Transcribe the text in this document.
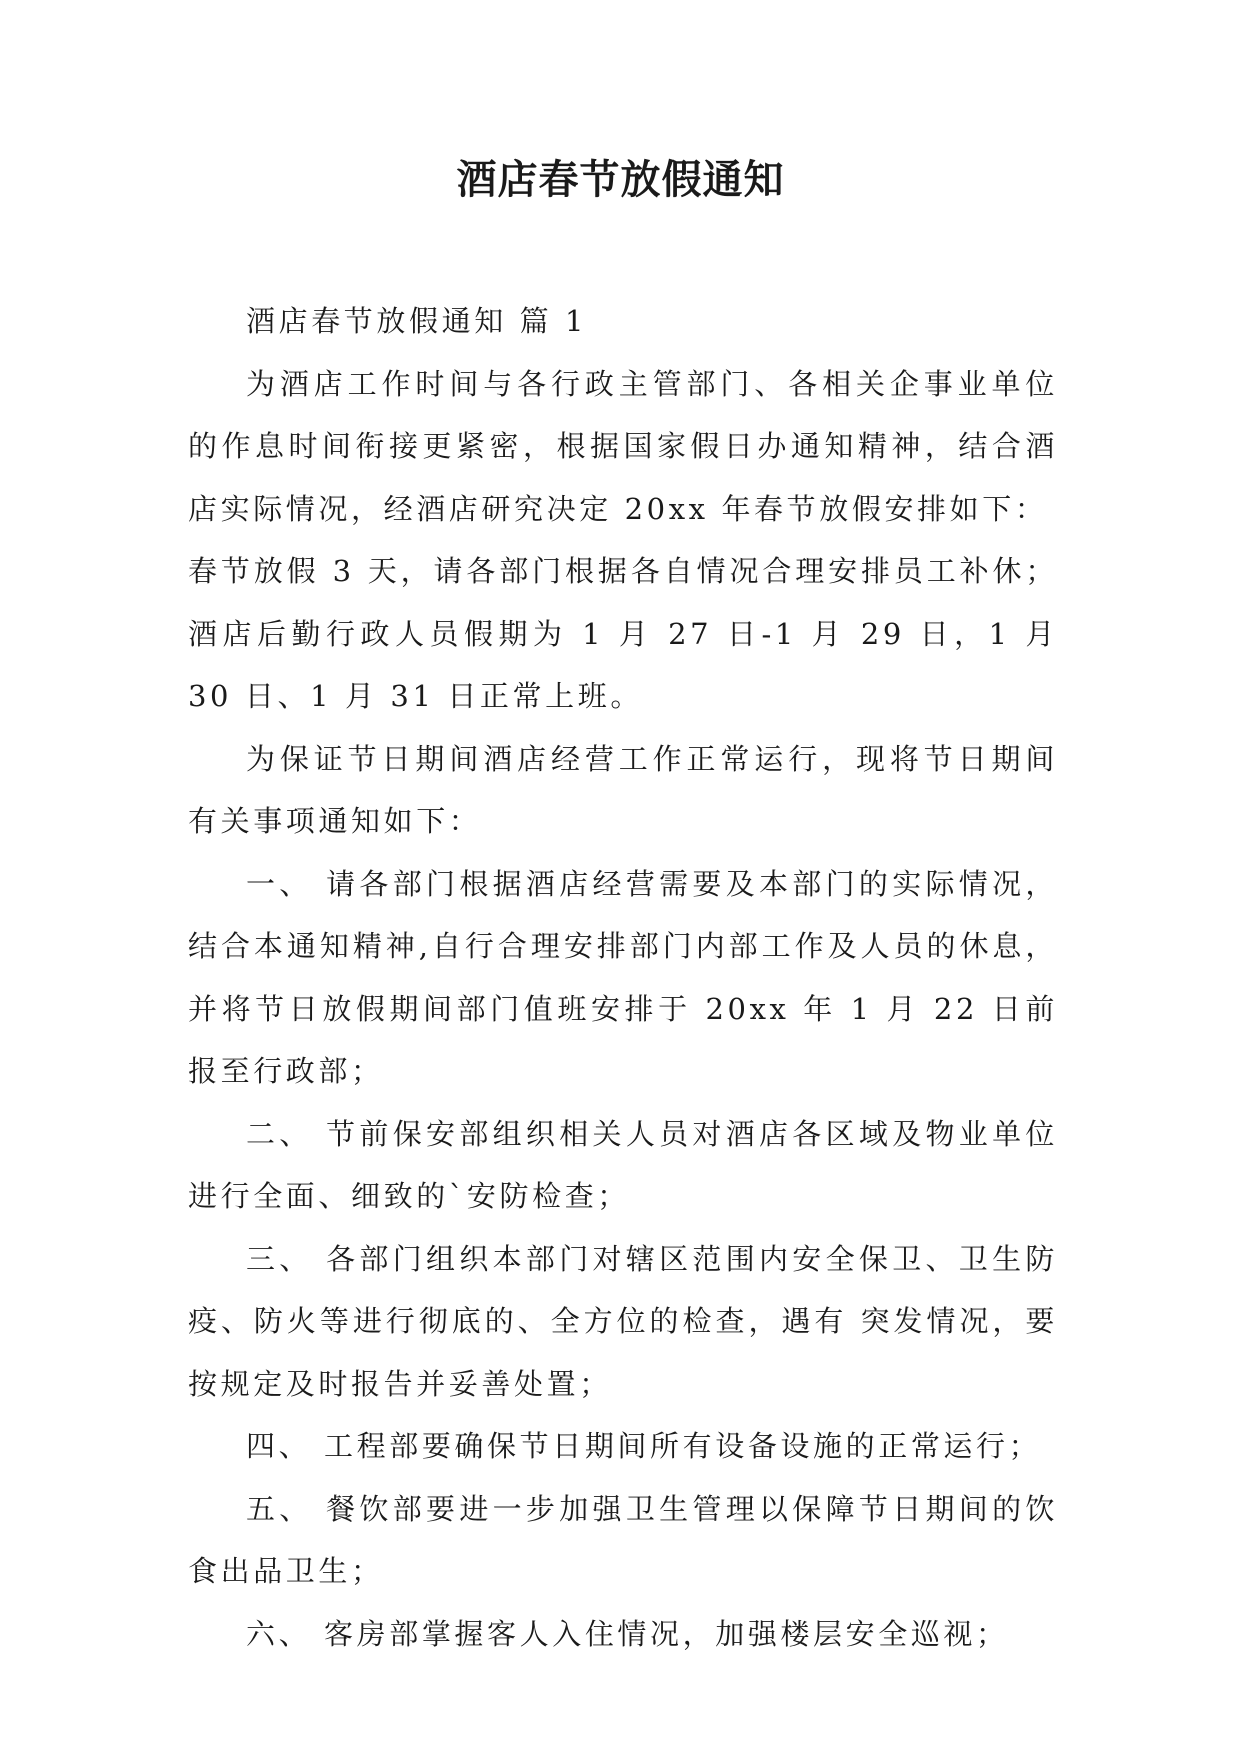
酒店春节放假通知

酒店春节放假通知 篇 1

为酒店工作时间与各行政主管部门、各相关企事业单位的作息时间衔接更紧密，根据国家假日办通知精神，结合酒店实际情况，经酒店研究决定 20xx 年春节放假安排如下：

春节放假 3 天，请各部门根据各自情况合理安排员工补休；酒店后勤行政人员假期为 1 月 27 日-1 月 29 日，1 月 30 日、1 月 31 日正常上班。

为保证节日期间酒店经营工作正常运行，现将节日期间有关事项通知如下：

一、 请各部门根据酒店经营需要及本部门的实际情况，结合本通知精神,自行合理安排部门内部工作及人员的休息，并将节日放假期间部门值班安排于 20xx 年 1 月 22 日前报至行政部；

二、 节前保安部组织相关人员对酒店各区域及物业单位进行全面、细致的`安防检查；

三、 各部门组织本部门对辖区范围内安全保卫、卫生防疫、防火等进行彻底的、全方位的检查，遇有 突发情况，要按规定及时报告并妥善处置；

四、 工程部要确保节日期间所有设备设施的正常运行；

五、 餐饮部要进一步加强卫生管理以保障节日期间的饮食出品卫生；

六、 客房部掌握客人入住情况，加强楼层安全巡视；
